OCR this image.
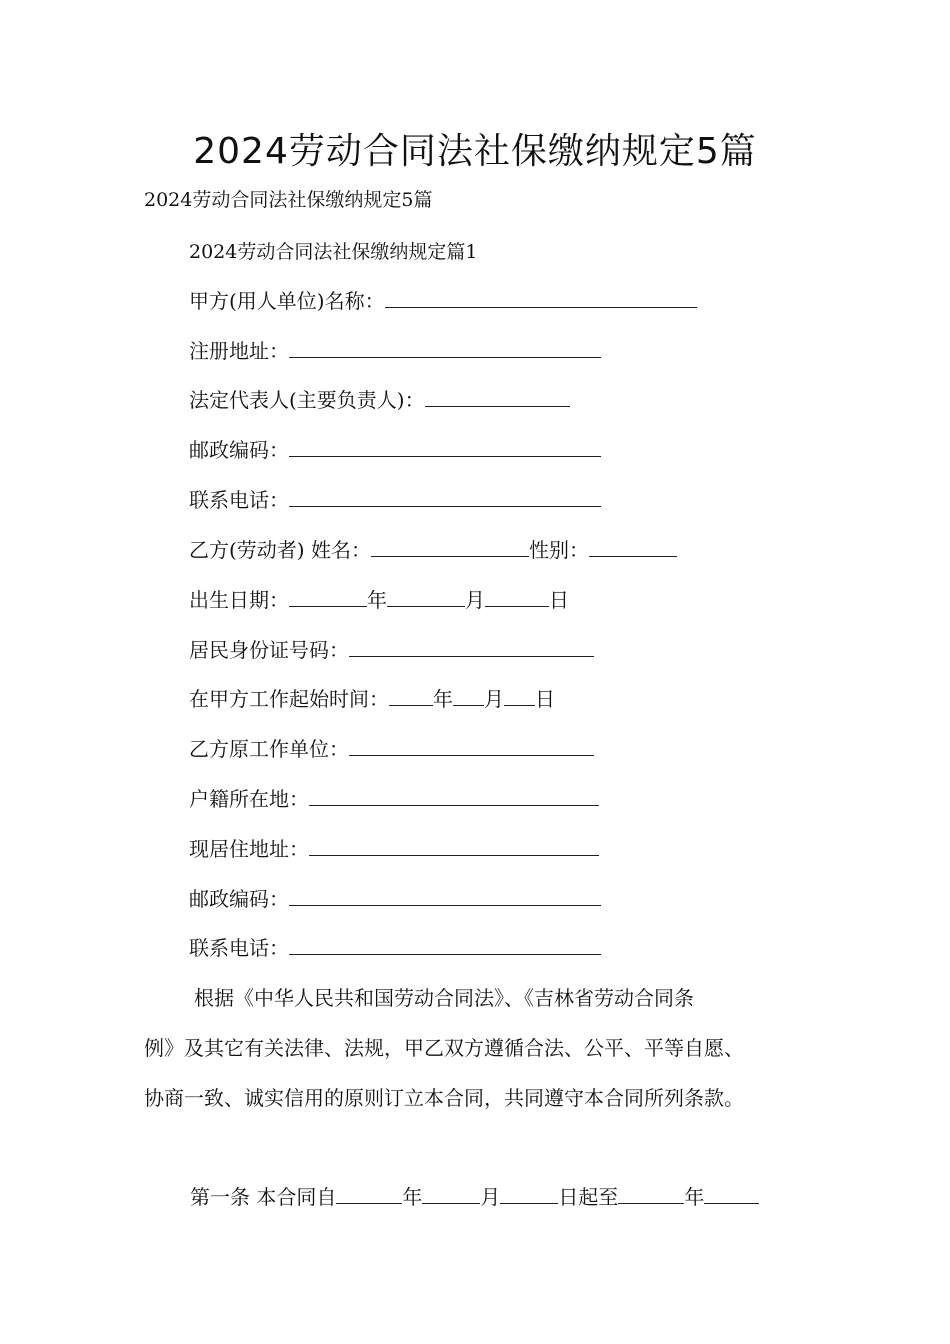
2024劳动合同法社保缴纳规定5篇
2024劳动合同法社保缴纳规定5篇
2024劳动合同法社保缴纳规定篇1
甲方(用人单位)名称：
注册地址：
法定代表人(主要负责人)：
邮政编码：
联系电话：
乙方(劳动者) 姓名：	性别：
出生日期：	年	月	日
居民身份证号码：
在甲方工作起始时间： 年 月 日
乙方原工作单位：
户籍所在地：
现居住地址：
邮政编码：
联系电话：
根据《中华人民共和国劳动合同法》、《吉林省劳动合同条
例》及其它有关法律、法规，甲乙双方遵循合法、公平、平等自愿、
协商一致、诚实信用的原则订立本合同，共同遵守本合同所列条款。
第一条 本合同自	年	月	日起至	年
